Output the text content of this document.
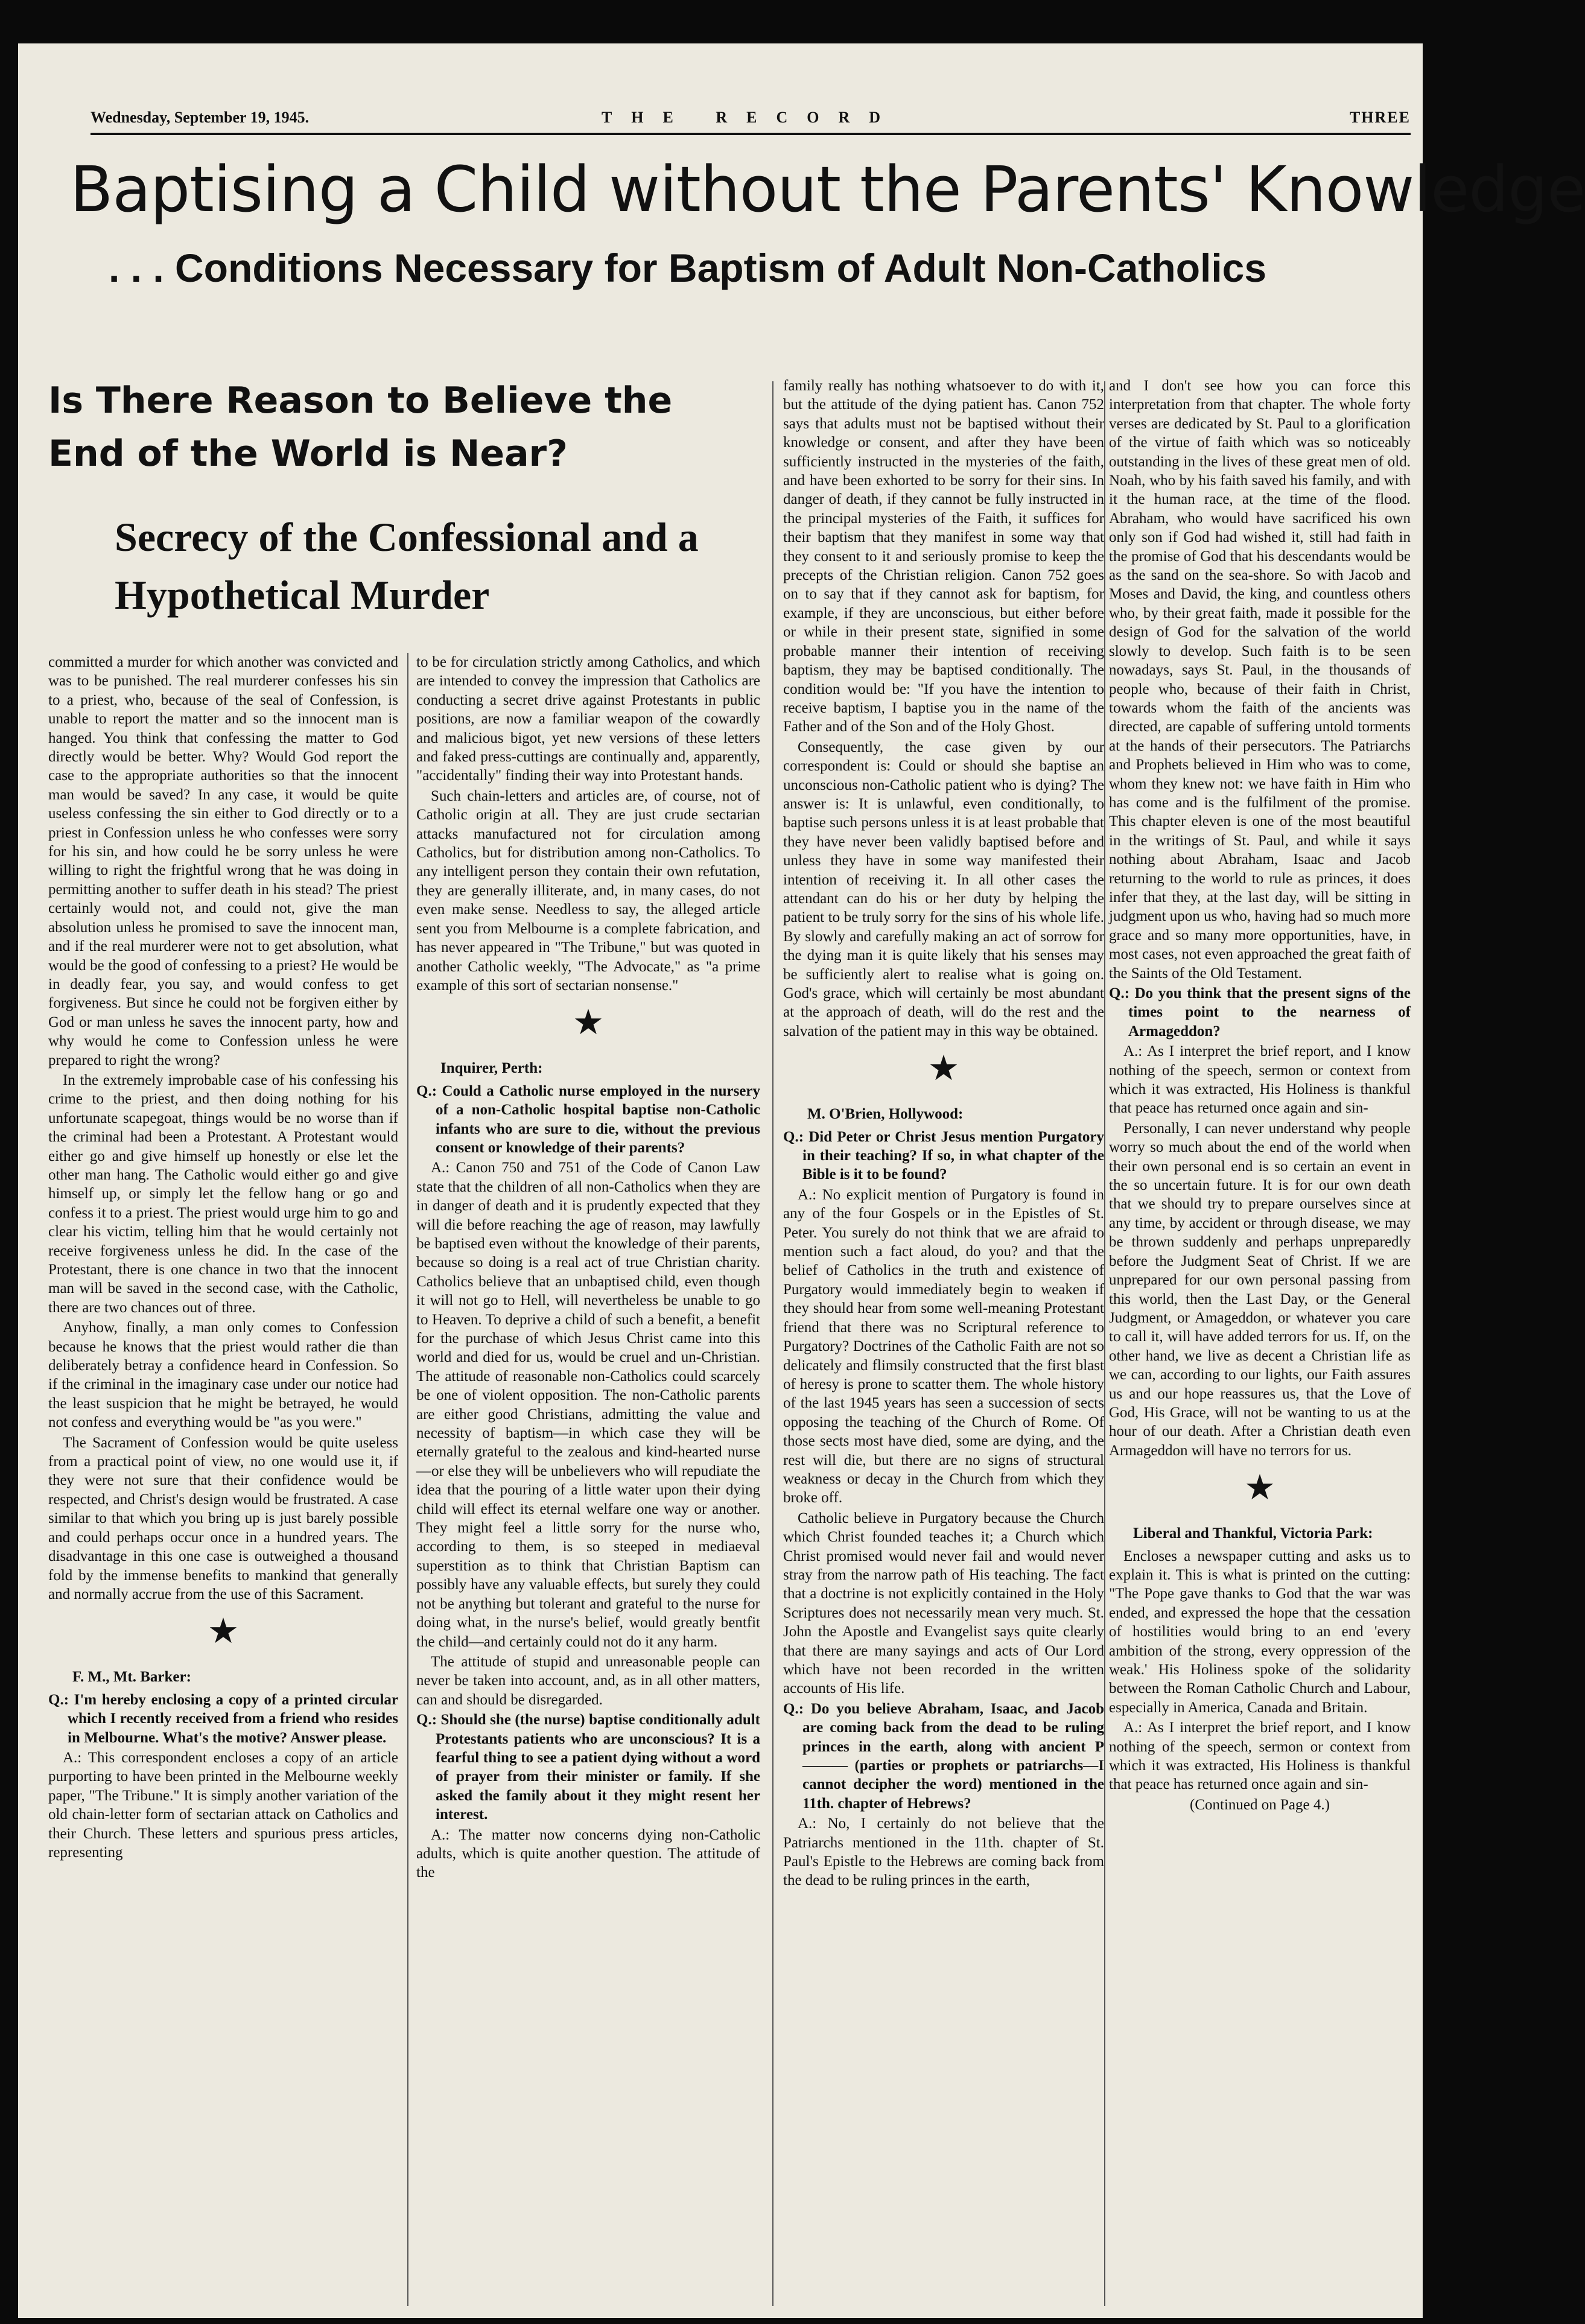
Wednesday, September 19, 1945.	THE RECORD	THREE
Baptising a Child without the Parents' Knowledge
. . . Conditions Necessary for Baptism of Adult Non-Catholics
Is There Reason to Believe the End of the World is Near?
Secrecy of the Confessional and a Hypothetical Murder

committed a murder for which another was convicted and was to be punished. The real murderer confesses his sin to a priest, who, because of the seal of Confession, is unable to report the matter and so the innocent man is hanged. You think that confessing the matter to God directly would be better. Why? Would God report the case to the appropriate authorities so that the innocent man would be saved? In any case, it would be quite useless confessing the sin either to God directly or to a priest in Confession unless he who confesses were sorry for his sin, and how could he be sorry unless he were willing to right the frightful wrong that he was doing in permitting another to suffer death in his stead? The priest certainly would not, and could not, give the man absolution unless he promised to save the innocent man, and if the real murderer were not to get absolution, what would be the good of confessing to a priest? He would be in deadly fear, you say, and would confess to get forgiveness. But since he could not be forgiven either by God or man unless he saves the innocent party, how and why would he come to Confession unless he were prepared to right the wrong?

In the extremely improbable case of his confessing his crime to the priest, and then doing nothing for his unfortunate scapegoat, things would be no worse than if the criminal had been a Protestant. A Protestant would either go and give himself up honestly or else let the other man hang. The Catholic would either go and give himself up, or simply let the fellow hang or go and confess it to a priest. The priest would urge him to go and clear his victim, telling him that he would certainly not receive forgiveness unless he did. In the case of the Protestant, there is one chance in two that the innocent man will be saved in the second case, with the Catholic, there are two chances out of three.

Anyhow, finally, a man only comes to Confession because he knows that the priest would rather die than deliberately betray a confidence heard in Confession. So if the criminal in the imaginary case under our notice had the least suspicion that he might be betrayed, he would not confess and everything would be "as you were."

The Sacrament of Confession would be quite useless from a practical point of view, no one would use it, if they were not sure that their confidence would be respected, and Christ's design would be frustrated. A case similar to that which you bring up is just barely possible and could perhaps occur once in a hundred years. The disadvantage in this one case is outweighed a thousand fold by the immense benefits to mankind that generally and normally accrue from the use of this Sacrament.

★

F. M., Mt. Barker:

Q.: I'm hereby enclosing a copy of a printed circular which I recently received from a friend who resides in Melbourne. What's the motive? Answer please.

A.: This correspondent encloses a copy of an article purporting to have been printed in the Melbourne weekly paper, "The Tribune." It is simply another variation of the old chain-letter form of sectarian attack on Catholics and their Church. These letters and spurious press articles, representing

to be for circulation strictly among Catholics, and which are intended to convey the impression that Catholics are conducting a secret drive against Protestants in public positions, are now a familiar weapon of the cowardly and malicious bigot, yet new versions of these letters and faked press-cuttings are continually and, apparently, "accidentally" finding their way into Protestant hands.

Such chain-letters and articles are, of course, not of Catholic origin at all. They are just crude sectarian attacks manufactured not for circulation among Catholics, but for distribution among non-Catholics. To any intelligent person they contain their own refutation, they are generally illiterate, and, in many cases, do not even make sense. Needless to say, the alleged article sent you from Melbourne is a complete fabrication, and has never appeared in "The Tribune," but was quoted in another Catholic weekly, "The Advocate," as "a prime example of this sort of sectarian nonsense."

★

Inquirer, Perth:

Q.: Could a Catholic nurse employed in the nursery of a non-Catholic hospital baptise non-Catholic infants who are sure to die, without the previous consent or knowledge of their parents?

A.: Canon 750 and 751 of the Code of Canon Law state that the children of all non-Catholics when they are in danger of death and it is prudently expected that they will die before reaching the age of reason, may lawfully be baptised even without the knowledge of their parents, because so doing is a real act of true Christian charity. Catholics believe that an unbaptised child, even though it will not go to Hell, will nevertheless be unable to go to Heaven. To deprive a child of such a benefit, a benefit for the purchase of which Jesus Christ came into this world and died for us, would be cruel and un-Christian. The attitude of reasonable non-Catholics could scarcely be one of violent opposition. The non-Catholic parents are either good Christians, admitting the value and necessity of baptism—in which case they will be eternally grateful to the zealous and kind-hearted nurse—or else they will be unbelievers who will repudiate the idea that the pouring of a little water upon their dying child will effect its eternal welfare one way or another. They might feel a little sorry for the nurse who, according to them, is so steeped in mediaeval superstition as to think that Christian Baptism can possibly have any valuable effects, but surely they could not be anything but tolerant and grateful to the nurse for doing what, in the nurse's belief, would greatly bentfit the child—and certainly could not do it any harm.

The attitude of stupid and unreasonable people can never be taken into account, and, as in all other matters, can and should be disregarded.

Q.: Should she (the nurse) baptise conditionally adult Protestants patients who are unconscious? It is a fearful thing to see a patient dying without a word of prayer from their minister or family. If she asked the family about it they might resent her interest.

A.: The matter now concerns dying non-Catholic adults, which is quite another question. The attitude of the

family really has nothing whatsoever to do with it, but the attitude of the dying patient has. Canon 752 says that adults must not be baptised without their knowledge or consent, and after they have been sufficiently instructed in the mysteries of the faith, and have been exhorted to be sorry for their sins. In danger of death, if they cannot be fully instructed in the principal mysteries of the Faith, it suffices for their baptism that they manifest in some way that they consent to it and seriously promise to keep the precepts of the Christian religion. Canon 752 goes on to say that if they cannot ask for baptism, for example, if they are unconscious, but either before or while in their present state, signified in some probable manner their intention of receiving baptism, they may be baptised conditionally. The condition would be: "If you have the intention to receive baptism, I baptise you in the name of the Father and of the Son and of the Holy Ghost.

Consequently, the case given by our correspondent is: Could or should she baptise an unconscious non-Catholic patient who is dying? The answer is: It is unlawful, even conditionally, to baptise such persons unless it is at least probable that they have never been validly baptised before and unless they have in some way manifested their intention of receiving it. In all other cases the attendant can do his or her duty by helping the patient to be truly sorry for the sins of his whole life. By slowly and carefully making an act of sorrow for the dying man it is quite likely that his senses may be sufficiently alert to realise what is going on. God's grace, which will certainly be most abundant at the approach of death, will do the rest and the salvation of the patient may in this way be obtained.

★

M. O'Brien, Hollywood:

Q.: Did Peter or Christ Jesus mention Purgatory in their teaching? If so, in what chapter of the Bible is it to be found?

A.: No explicit mention of Purgatory is found in any of the four Gospels or in the Epistles of St. Peter. You surely do not think that we are afraid to mention such a fact aloud, do you? and that the belief of Catholics in the truth and existence of Purgatory would immediately begin to weaken if they should hear from some well-meaning Protestant friend that there was no Scriptural reference to Purgatory? Doctrines of the Catholic Faith are not so delicately and flimsily constructed that the first blast of heresy is prone to scatter them. The whole history of the last 1945 years has seen a succession of sects opposing the teaching of the Church of Rome. Of those sects most have died, some are dying, and the rest will die, but there are no signs of structural weakness or decay in the Church from which they broke off.

Catholic believe in Purgatory because the Church which Christ founded teaches it; a Church which Christ promised would never fail and would never stray from the narrow path of His teaching. The fact that a doctrine is not explicitly contained in the Holy Scriptures does not necessarily mean very much. St. John the Apostle and Evangelist says quite clearly that there are many sayings and acts of Our Lord which have not been recorded in the written accounts of His life.

Q.: Do you believe Abraham, Isaac, and Jacob are coming back from the dead to be ruling princes in the earth, along with ancient P——— (parties or prophets or patriarchs—I cannot decipher the word) mentioned in the 11th. chapter of Hebrews?

A.: No, I certainly do not believe that the Patriarchs mentioned in the 11th. chapter of St. Paul's Epistle to the Hebrews are coming back from the dead to be ruling princes in the earth,

and I don't see how you can force this interpretation from that chapter. The whole forty verses are dedicated by St. Paul to a glorification of the virtue of faith which was so noticeably outstanding in the lives of these great men of old. Noah, who by his faith saved his family, and with it the human race, at the time of the flood. Abraham, who would have sacrificed his own only son if God had wished it, still had faith in the promise of God that his descendants would be as the sand on the sea-shore. So with Jacob and Moses and David, the king, and countless others who, by their great faith, made it possible for the design of God for the salvation of the world slowly to develop. Such faith is to be seen nowadays, says St. Paul, in the thousands of people who, because of their faith in Christ, towards whom the faith of the ancients was directed, are capable of suffering untold torments at the hands of their persecutors. The Patriarchs and Prophets believed in Him who was to come, whom they knew not: we have faith in Him who has come and is the fulfilment of the promise. This chapter eleven is one of the most beautiful in the writings of St. Paul, and while it says nothing about Abraham, Isaac and Jacob returning to the world to rule as princes, it does infer that they, at the last day, will be sitting in judgment upon us who, having had so much more grace and so many more opportunities, have, in most cases, not even approached the great faith of the Saints of the Old Testament.

Q.: Do you think that the present signs of the times point to the nearness of Armageddon?

A.: As I interpret the brief report, and I know nothing of the speech, sermon or context from which it was extracted, His Holiness is thankful that peace has returned once again and sin-

Personally, I can never understand why people worry so much about the end of the world when their own personal end is so certain an event in the so uncertain future. It is for our own death that we should try to prepare ourselves since at any time, by accident or through disease, we may be thrown suddenly and perhaps unpreparedly before the Judgment Seat of Christ. If we are unprepared for our own personal passing from this world, then the Last Day, or the General Judgment, or Amageddon, or whatever you care to call it, will have added terrors for us. If, on the other hand, we live as decent a Christian life as we can, according to our lights, our Faith assures us and our hope reassures us, that the Love of God, His Grace, will not be wanting to us at the hour of our death. After a Christian death even Armageddon will have no terrors for us.

★

Liberal and Thankful, Victoria Park:

Encloses a newspaper cutting and asks us to explain it. This is what is printed on the cutting: "The Pope gave thanks to God that the war was ended, and expressed the hope that the cessation of hostilities would bring to an end 'every ambition of the strong, every oppression of the weak.' His Holiness spoke of the solidarity between the Roman Catholic Church and Labour, especially in America, Canada and Britain.

A.: As I interpret the brief report, and I know nothing of the speech, sermon or context from which it was extracted, His Holiness is thankful that peace has returned once again and sin-

(Continued on Page 4.)
